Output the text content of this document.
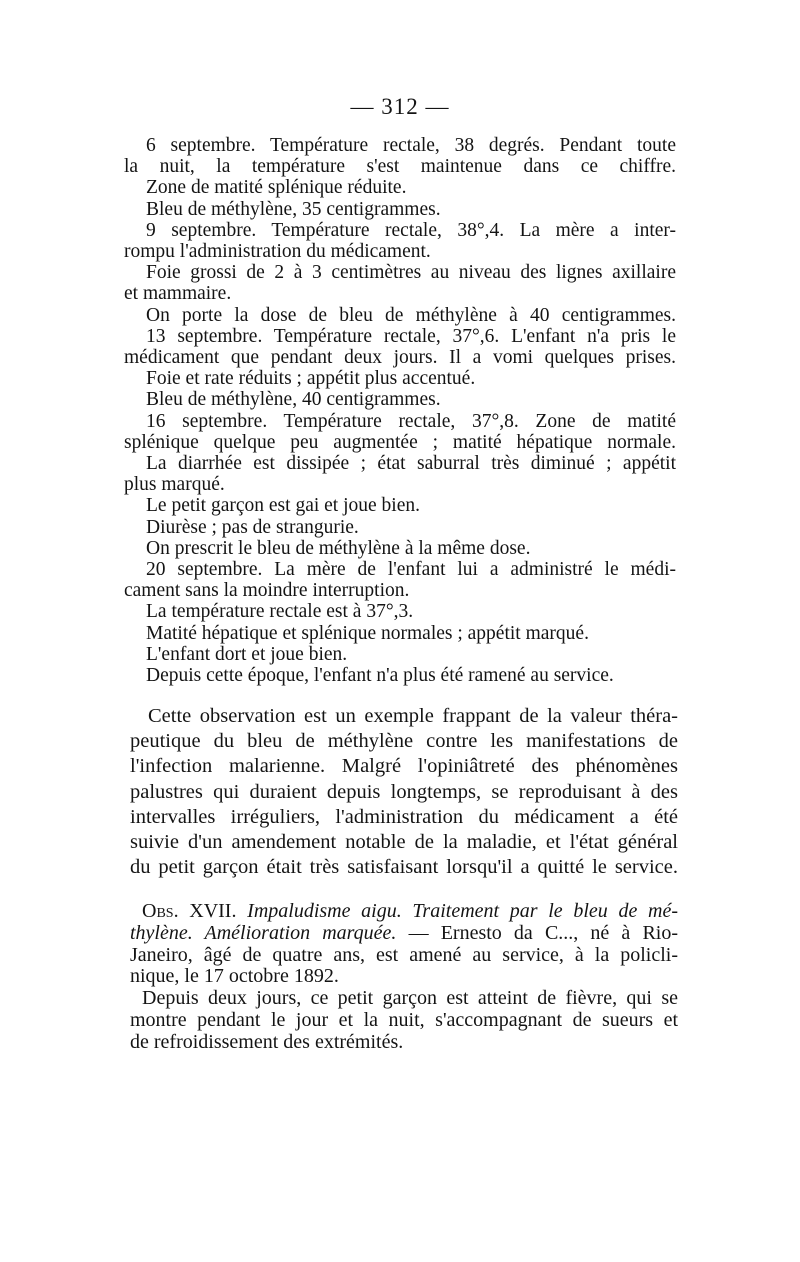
— 312 —

6 septembre. Température rectale, 38 degrés. Pendant toute
la nuit, la température s'est maintenue dans ce chiffre.
Zone de matité splénique réduite.
Bleu de méthylène, 35 centigrammes.
9 septembre. Température rectale, 38°,4. La mère a inter-
rompu l'administration du médicament.
Foie grossi de 2 à 3 centimètres au niveau des lignes axillaire
et mammaire.
On porte la dose de bleu de méthylène à 40 centigrammes.
13 septembre. Température rectale, 37°,6. L'enfant n'a pris le
médicament que pendant deux jours. Il a vomi quelques prises.
Foie et rate réduits ; appétit plus accentué.
Bleu de méthylène, 40 centigrammes.
16 septembre. Température rectale, 37°,8. Zone de matité
splénique quelque peu augmentée ; matité hépatique normale.
La diarrhée est dissipée ; état saburral très diminué ; appétit
plus marqué.
Le petit garçon est gai et joue bien.
Diurèse ; pas de strangurie.
On prescrit le bleu de méthylène à la même dose.
20 septembre. La mère de l'enfant lui a administré le médi-
cament sans la moindre interruption.
La température rectale est à 37°,3.
Matité hépatique et splénique normales ; appétit marqué.
L'enfant dort et joue bien.
Depuis cette époque, l'enfant n'a plus été ramené au service.
Cette observation est un exemple frappant de la valeur théra-
peutique du bleu de méthylène contre les manifestations de
l'infection malarienne. Malgré l'opiniâtreté des phénomènes
palustres qui duraient depuis longtemps, se reproduisant à des
intervalles irréguliers, l'administration du médicament a été
suivie d'un amendement notable de la maladie, et l'état général
du petit garçon était très satisfaisant lorsqu'il a quitté le service.
Obs. XVII. Impaludisme aigu. Traitement par le bleu de mé-
thylène. Amélioration marquée. — Ernesto da C..., né à Rio-
Janeiro, âgé de quatre ans, est amené au service, à la policli-
nique, le 17 octobre 1892.
Depuis deux jours, ce petit garçon est atteint de fièvre, qui se
montre pendant le jour et la nuit, s'accompagnant de sueurs et
de refroidissement des extrémités.
